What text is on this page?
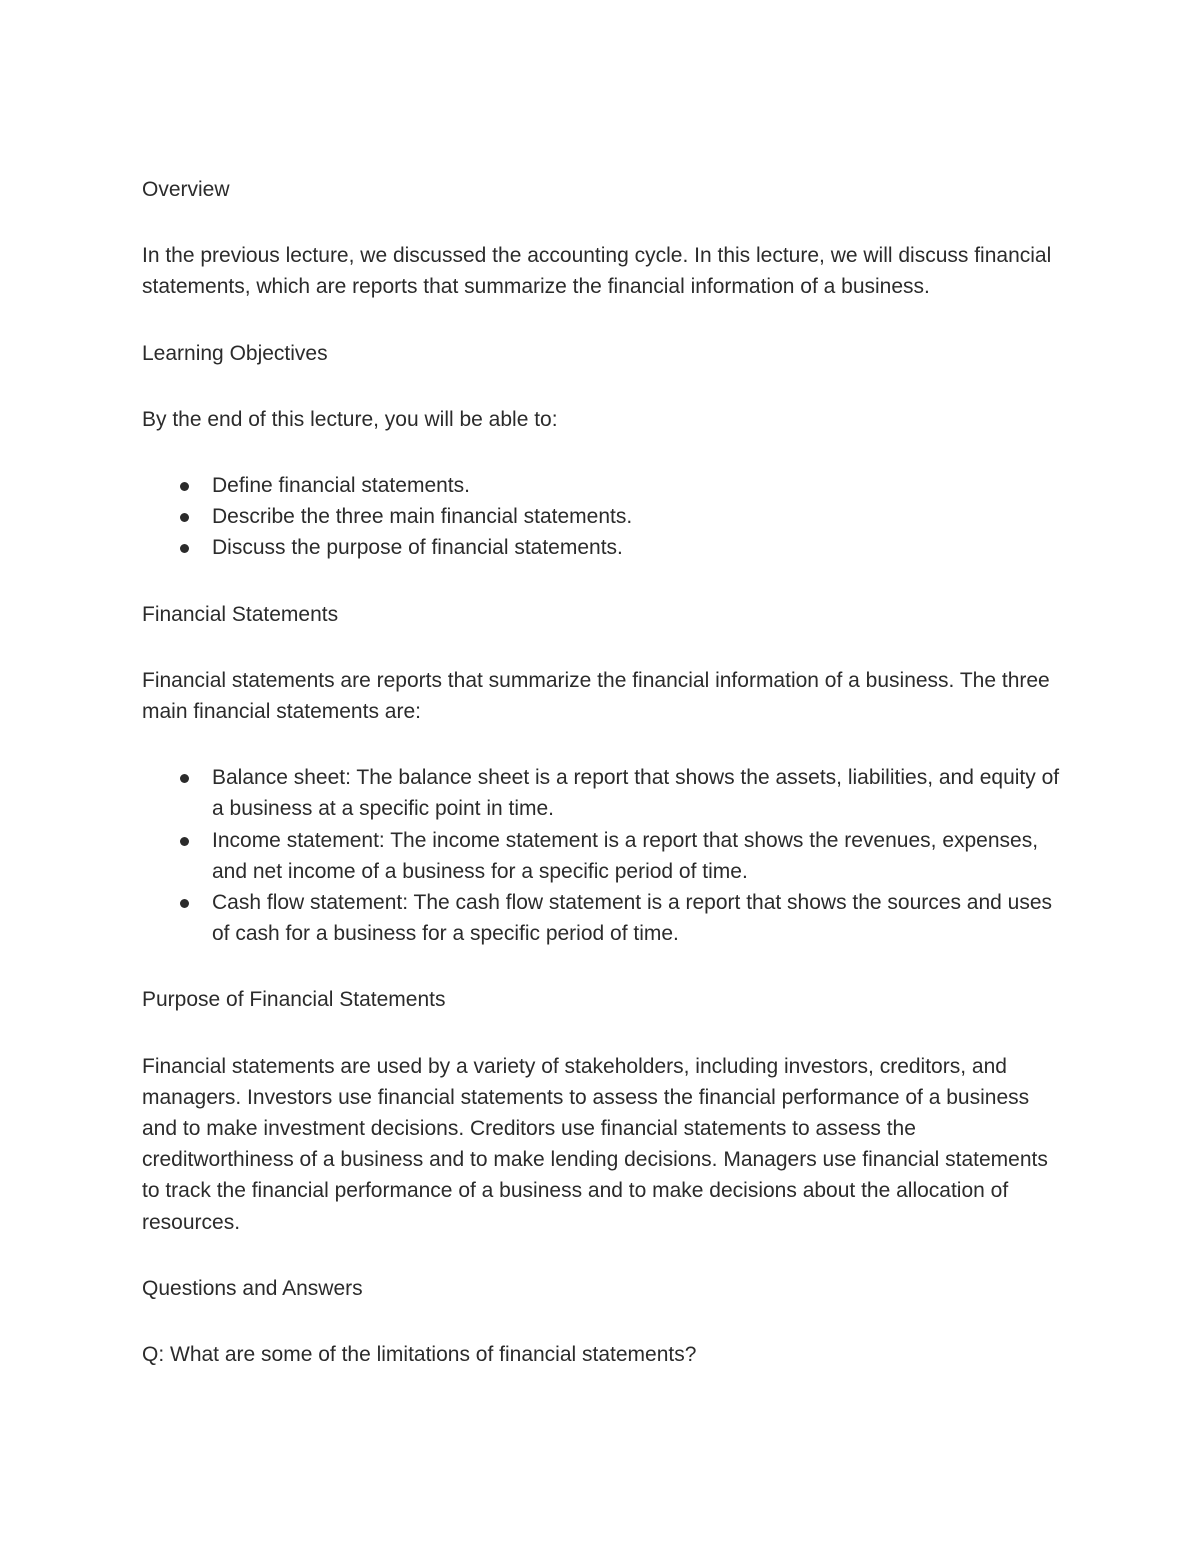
Overview

In the previous lecture, we discussed the accounting cycle. In this lecture, we will discuss financial statements, which are reports that summarize the financial information of a business.

Learning Objectives

By the end of this lecture, you will be able to:

Define financial statements.
Describe the three main financial statements.
Discuss the purpose of financial statements.

Financial Statements

Financial statements are reports that summarize the financial information of a business. The three main financial statements are:

Balance sheet: The balance sheet is a report that shows the assets, liabilities, and equity of a business at a specific point in time.
Income statement: The income statement is a report that shows the revenues, expenses, and net income of a business for a specific period of time.
Cash flow statement: The cash flow statement is a report that shows the sources and uses of cash for a business for a specific period of time.

Purpose of Financial Statements

Financial statements are used by a variety of stakeholders, including investors, creditors, and managers. Investors use financial statements to assess the financial performance of a business and to make investment decisions. Creditors use financial statements to assess the creditworthiness of a business and to make lending decisions. Managers use financial statements to track the financial performance of a business and to make decisions about the allocation of resources.

Questions and Answers

Q: What are some of the limitations of financial statements?
